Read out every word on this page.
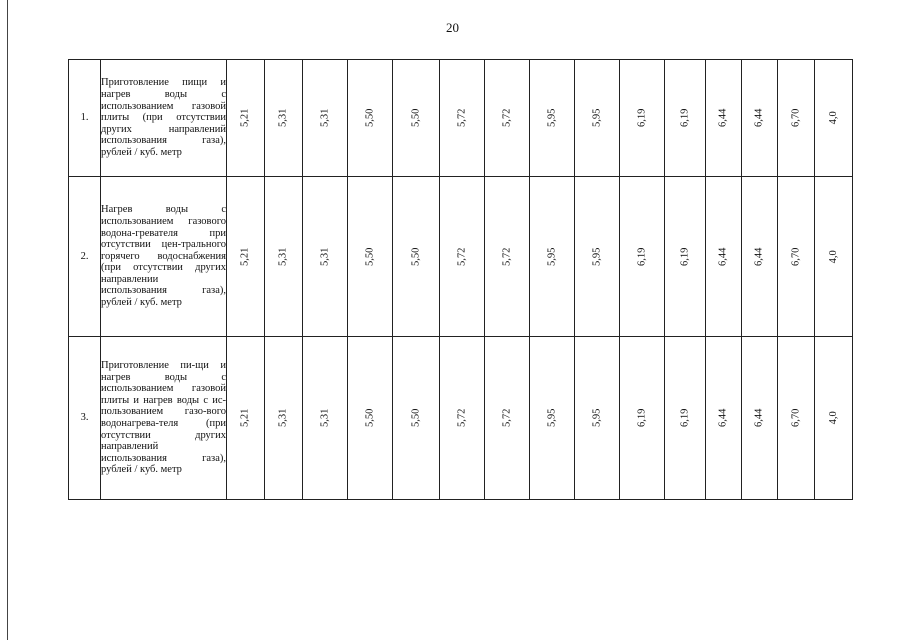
20
1.	Приготовление пищи и нагрев воды с использованием газовой плиты (при отсутствии других направлений использования газа), рублей / куб. метр	5,21	5,31	5,31	5,50	5,50	5,72	5,72	5,95	5,95	6,19	6,19	6,44	6,44	6,70	4,0
2.	Нагрев воды с использованием газового водона-гревателя при отсутствии цен-трального горячего водоснабжения (при отсутствии других направлении использования газа), рублей / куб. метр	5,21	5,31	5,31	5,50	5,50	5,72	5,72	5,95	5,95	6,19	6,19	6,44	6,44	6,70	4,0
3.	Приготовление пи-щи и нагрев воды с использованием газовой плиты и нагрев воды с ис-пользованием газо-вого водонагрева-теля (при отсутствии других направлений использования газа), рублей / куб. метр	5,21	5,31	5,31	5,50	5,50	5,72	5,72	5,95	5,95	6,19	6,19	6,44	6,44	6,70	4,0
